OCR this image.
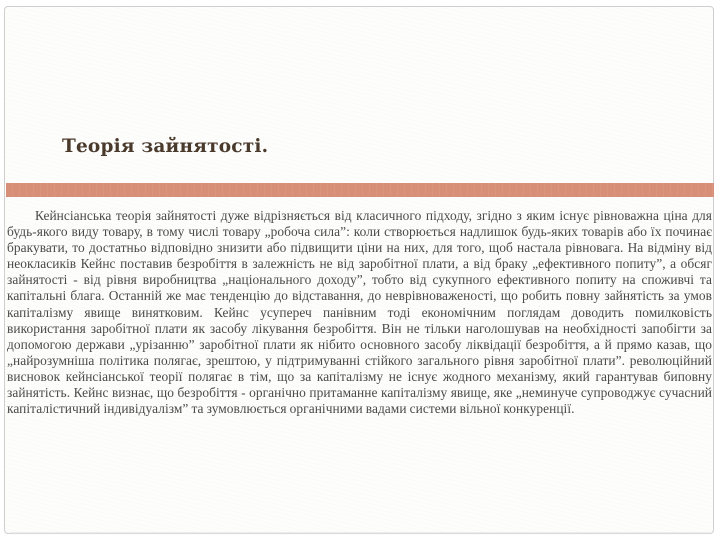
Теорія зайнятості.

Кейнсіанська теорія зайнятості дуже відрізняється від класичного підходу, згідно з яким існує рівноважна ціна для будь-якого виду товару, в тому числі товару „робоча сила”: коли створюється надлишок будь-яких товарів або їх починає бракувати, то достатньо відповідно знизити або підвищити ціни на них, для того, щоб настала рівновага. На відміну від неокласиків Кейнс поставив безробіття в залежність не від заробітної плати, а від браку „ефективного попиту”, а обсяг зайнятості - від рівня виробництва „національного доходу”, тобто від сукупного ефективного попиту на споживчі та капітальні блага. Останній же має тенденцію до відставання, до неврівноваженості, що робить повну зайнятість за умов капіталізму явище винятковим. Кейнс усупереч панівним тоді економічним поглядам доводить помилковість використання заробітної плати як засобу лікування безробіття. Він не тільки наголошував на необхідності запобігти за допомогою держави „урізанню” заробітної плати як нібито основного засобу ліквідації безробіття, а й прямо казав, що „найрозумніша політика полягає, зрештою, у підтримуванні стійкого загального рівня заробітної плати”. революційний висновок кейнсіанської теорії полягає в тім, що за капіталізму не існує жодного механізму, який гарантував биповну зайнятість. Кейнс визнає, що безробіття - органічно притаманне капіталізму явище, яке „неминуче супроводжує сучасний капіталістичний індивідуалізм” та зумовлюється органічними вадами системи вільної конкуренції.
